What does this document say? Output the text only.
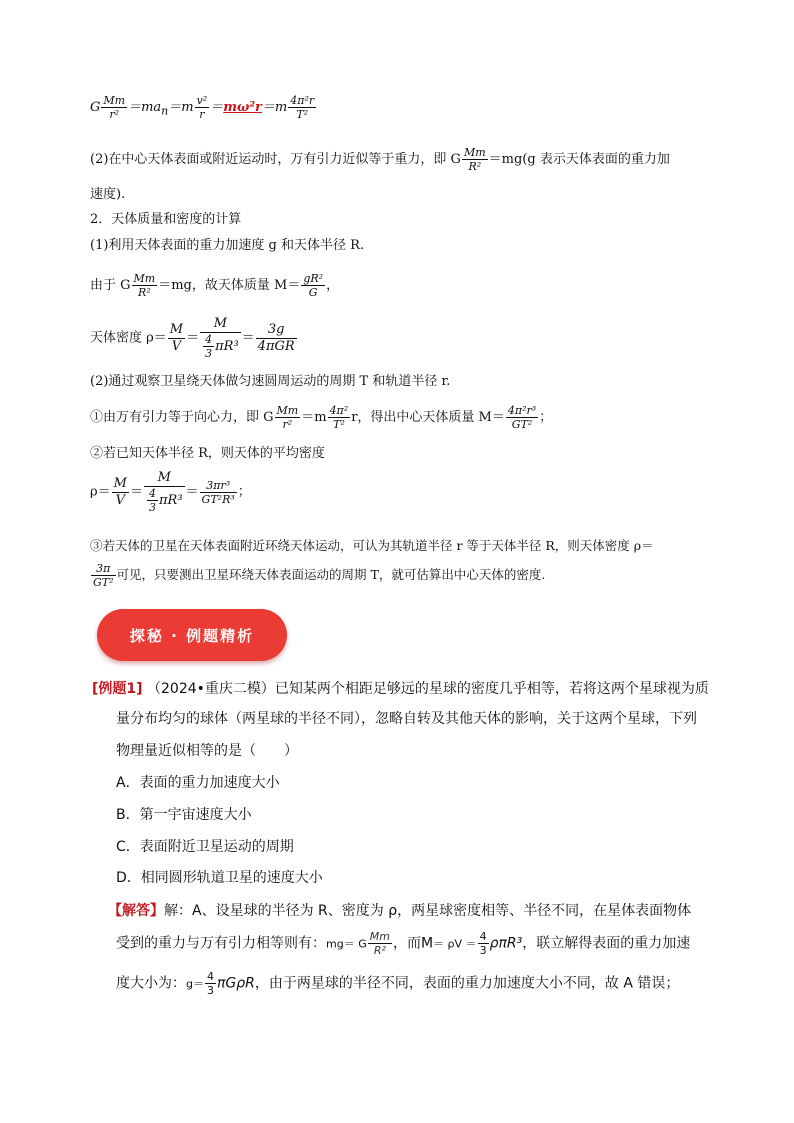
G $\frac{Mm}{\text{r²}} =ma_n=m \frac{\text{v²}}{r} =m\omega^2r=m \frac{\text{4π²r}}{\text{T²}}$
(2)在中心天体表面或附近运动时，万有引力近似等于重力，即 G $\frac{Mm}{\text{R²}} =mg(g$ 表示天体表面的重力加
速度).
2．天体质量和密度的计算
(1)利用天体表面的重力加速度 g 和天体半径 R.
由于 G $\frac{Mm}{\text{R²}} =mg$，故天体质量 $M= \frac{\text{gR²}}{G}$ ，
天体密度 $\rho= \frac{M}{V} = \frac{M}{\frac{4}{3} \pi R^3} = \frac{3g}{\text{4πGR}}$
(2)通过观察卫星绕天体做匀速圆周运动的周期 T 和轨道半径 r.
①由万有引力等于向心力，即 G $\frac{Mm}{\text{r²}} =m \frac{\text{4π²}}{\text{T²}}$ r，得出中心天体质量 $M= \frac{\text{4π²r³}}{\text{GT²}}$ ；
②若已知天体半径 R，则天体的平均密度
$\rho= \frac{M}{V} = \frac{M}{\frac{4}{3} \pi R^3} = \frac{\text{3πr³}}{\text{GT²R³}}$ ；
③若天体的卫星在天体表面附近环绕天体运动，可认为其轨道半径 r 等于天体半径 R，则天体密度 ρ＝
$\frac{3\pi}{\text{GT²}}$ 可见，只要测出卫星环绕天体表面运动的周期 T，就可估算出中心天体的密度.
探秘 · 例题精析
[例题1] （2024•重庆二模）已知某两个相距足够远的星球的密度几乎相等，若将这两个星球视为质
量分布均匀的球体（两星球的半径不同），忽略自转及其他天体的影响，关于这两个星球，下列
物理量近似相等的是（　　）
A．表面的重力加速度大小
B．第一宇宙速度大小
C．表面附近卫星运动的周期
D．相同圆形轨道卫星的速度大小
【解答】解：A、设星球的半径为 R、密度为 ρ，两星球密度相等、半径不同，在星体表面物体
受到的重力与万有引力相等则有：mg＝ G $\frac{Mm}{\text{R²}}$ ，而$M= \rho V = \frac{4}{3} \rho\pi R^3$，联立解得表面的重力加速
度大小为：$g= \frac{4}{3}$ πGρR，由于两星球的半径不同，表面的重力加速度大小不同，故 A 错误；
